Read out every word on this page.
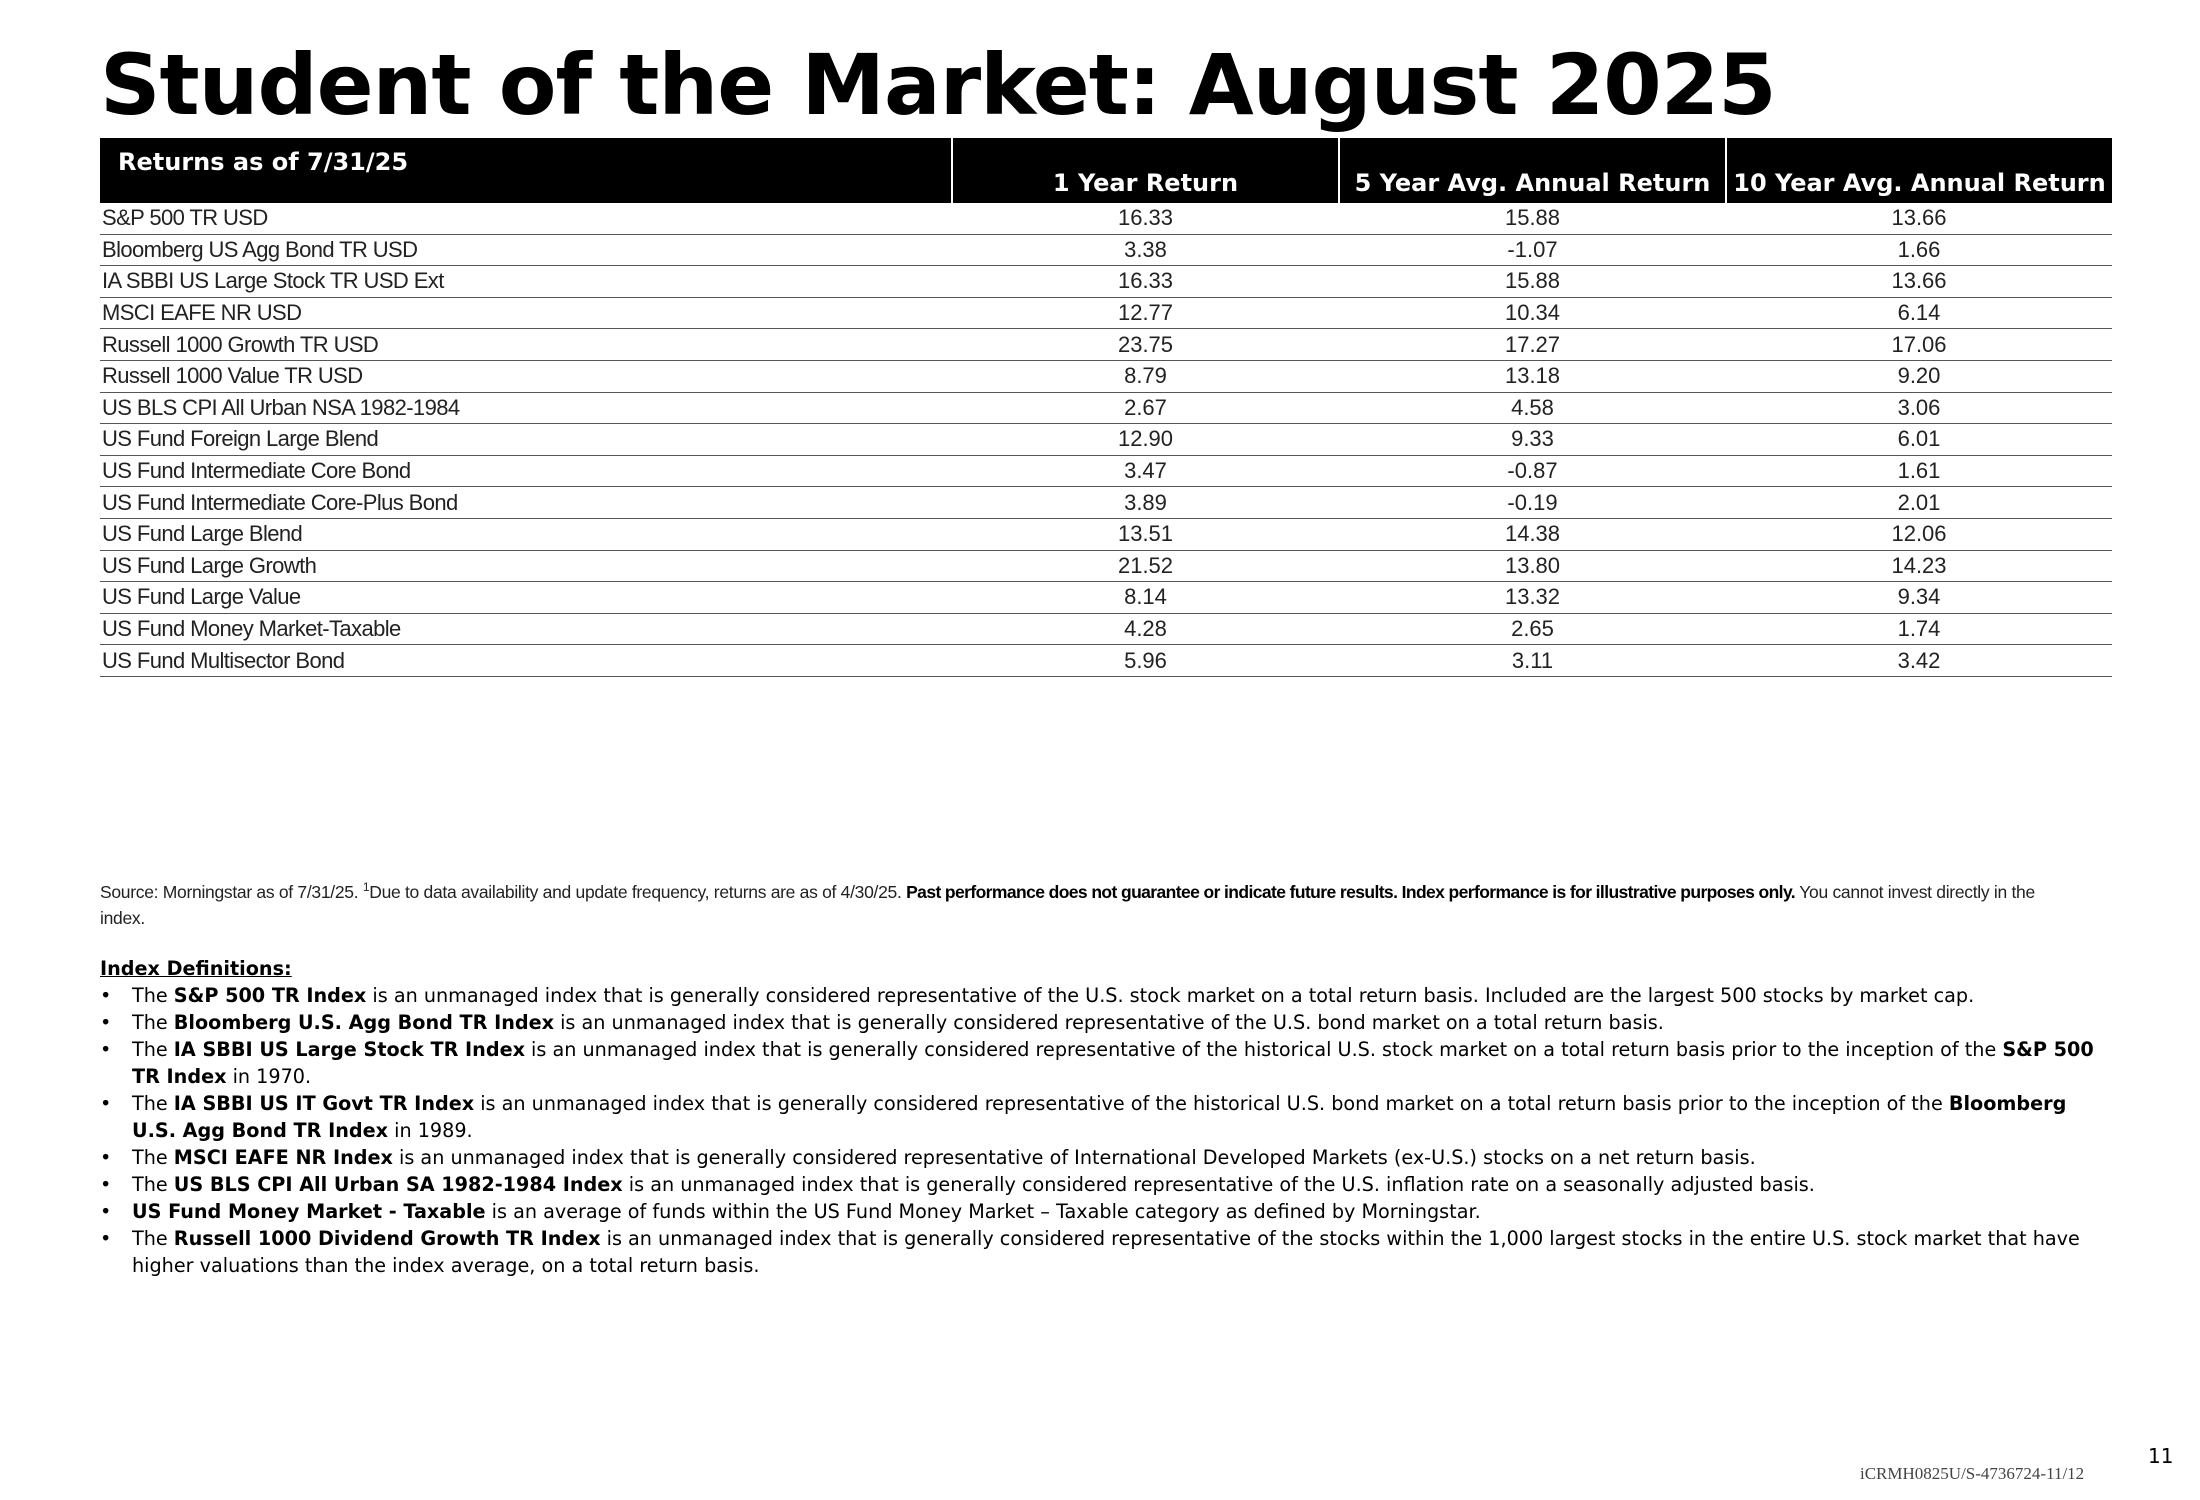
Student of the Market: August 2025
Returns as of 7/31/25	1 Year Return	5 Year Avg. Annual Return	10 Year Avg. Annual Return
S&P 500 TR USD	16.33	15.88	13.66
Bloomberg US Agg Bond TR USD	3.38	-1.07	1.66
IA SBBI US Large Stock TR USD Ext	16.33	15.88	13.66
MSCI EAFE NR USD	12.77	10.34	6.14
Russell 1000 Growth TR USD	23.75	17.27	17.06
Russell 1000 Value TR USD	8.79	13.18	9.20
US BLS CPI All Urban NSA 1982-1984	2.67	4.58	3.06
US Fund Foreign Large Blend	12.90	9.33	6.01
US Fund Intermediate Core Bond	3.47	-0.87	1.61
US Fund Intermediate Core-Plus Bond	3.89	-0.19	2.01
US Fund Large Blend	13.51	14.38	12.06
US Fund Large Growth	21.52	13.80	14.23
US Fund Large Value	8.14	13.32	9.34
US Fund Money Market-Taxable	4.28	2.65	1.74
US Fund Multisector Bond	5.96	3.11	3.42
Source: Morningstar as of 7/31/25. $^1$Due to data availability and update frequency, returns are as of 4/30/25. Past performance does not guarantee or indicate future results. Index performance is for illustrative purposes only. You cannot invest directly in the index.
Index Definitions:
• The S&P 500 TR Index is an unmanaged index that is generally considered representative of the U.S. stock market on a total return basis. Included are the largest 500 stocks by market cap.
• The Bloomberg U.S. Agg Bond TR Index is an unmanaged index that is generally considered representative of the U.S. bond market on a total return basis.
• The IA SBBI US Large Stock TR Index is an unmanaged index that is generally considered representative of the historical U.S. stock market on a total return basis prior to the inception of the S&P 500 TR Index in 1970.
• The IA SBBI US IT Govt TR Index is an unmanaged index that is generally considered representative of the historical U.S. bond market on a total return basis prior to the inception of the Bloomberg U.S. Agg Bond TR Index in 1989.
• The MSCI EAFE NR Index is an unmanaged index that is generally considered representative of International Developed Markets (ex-U.S.) stocks on a net return basis.
• The US BLS CPI All Urban SA 1982-1984 Index is an unmanaged index that is generally considered representative of the U.S. inflation rate on a seasonally adjusted basis.
• US Fund Money Market - Taxable is an average of funds within the US Fund Money Market – Taxable category as defined by Morningstar.
• The Russell 1000 Dividend Growth TR Index is an unmanaged index that is generally considered representative of the stocks within the 1,000 largest stocks in the entire U.S. stock market that have higher valuations than the index average, on a total return basis.
11
iCRMH0825U/S-4736724-11/12
